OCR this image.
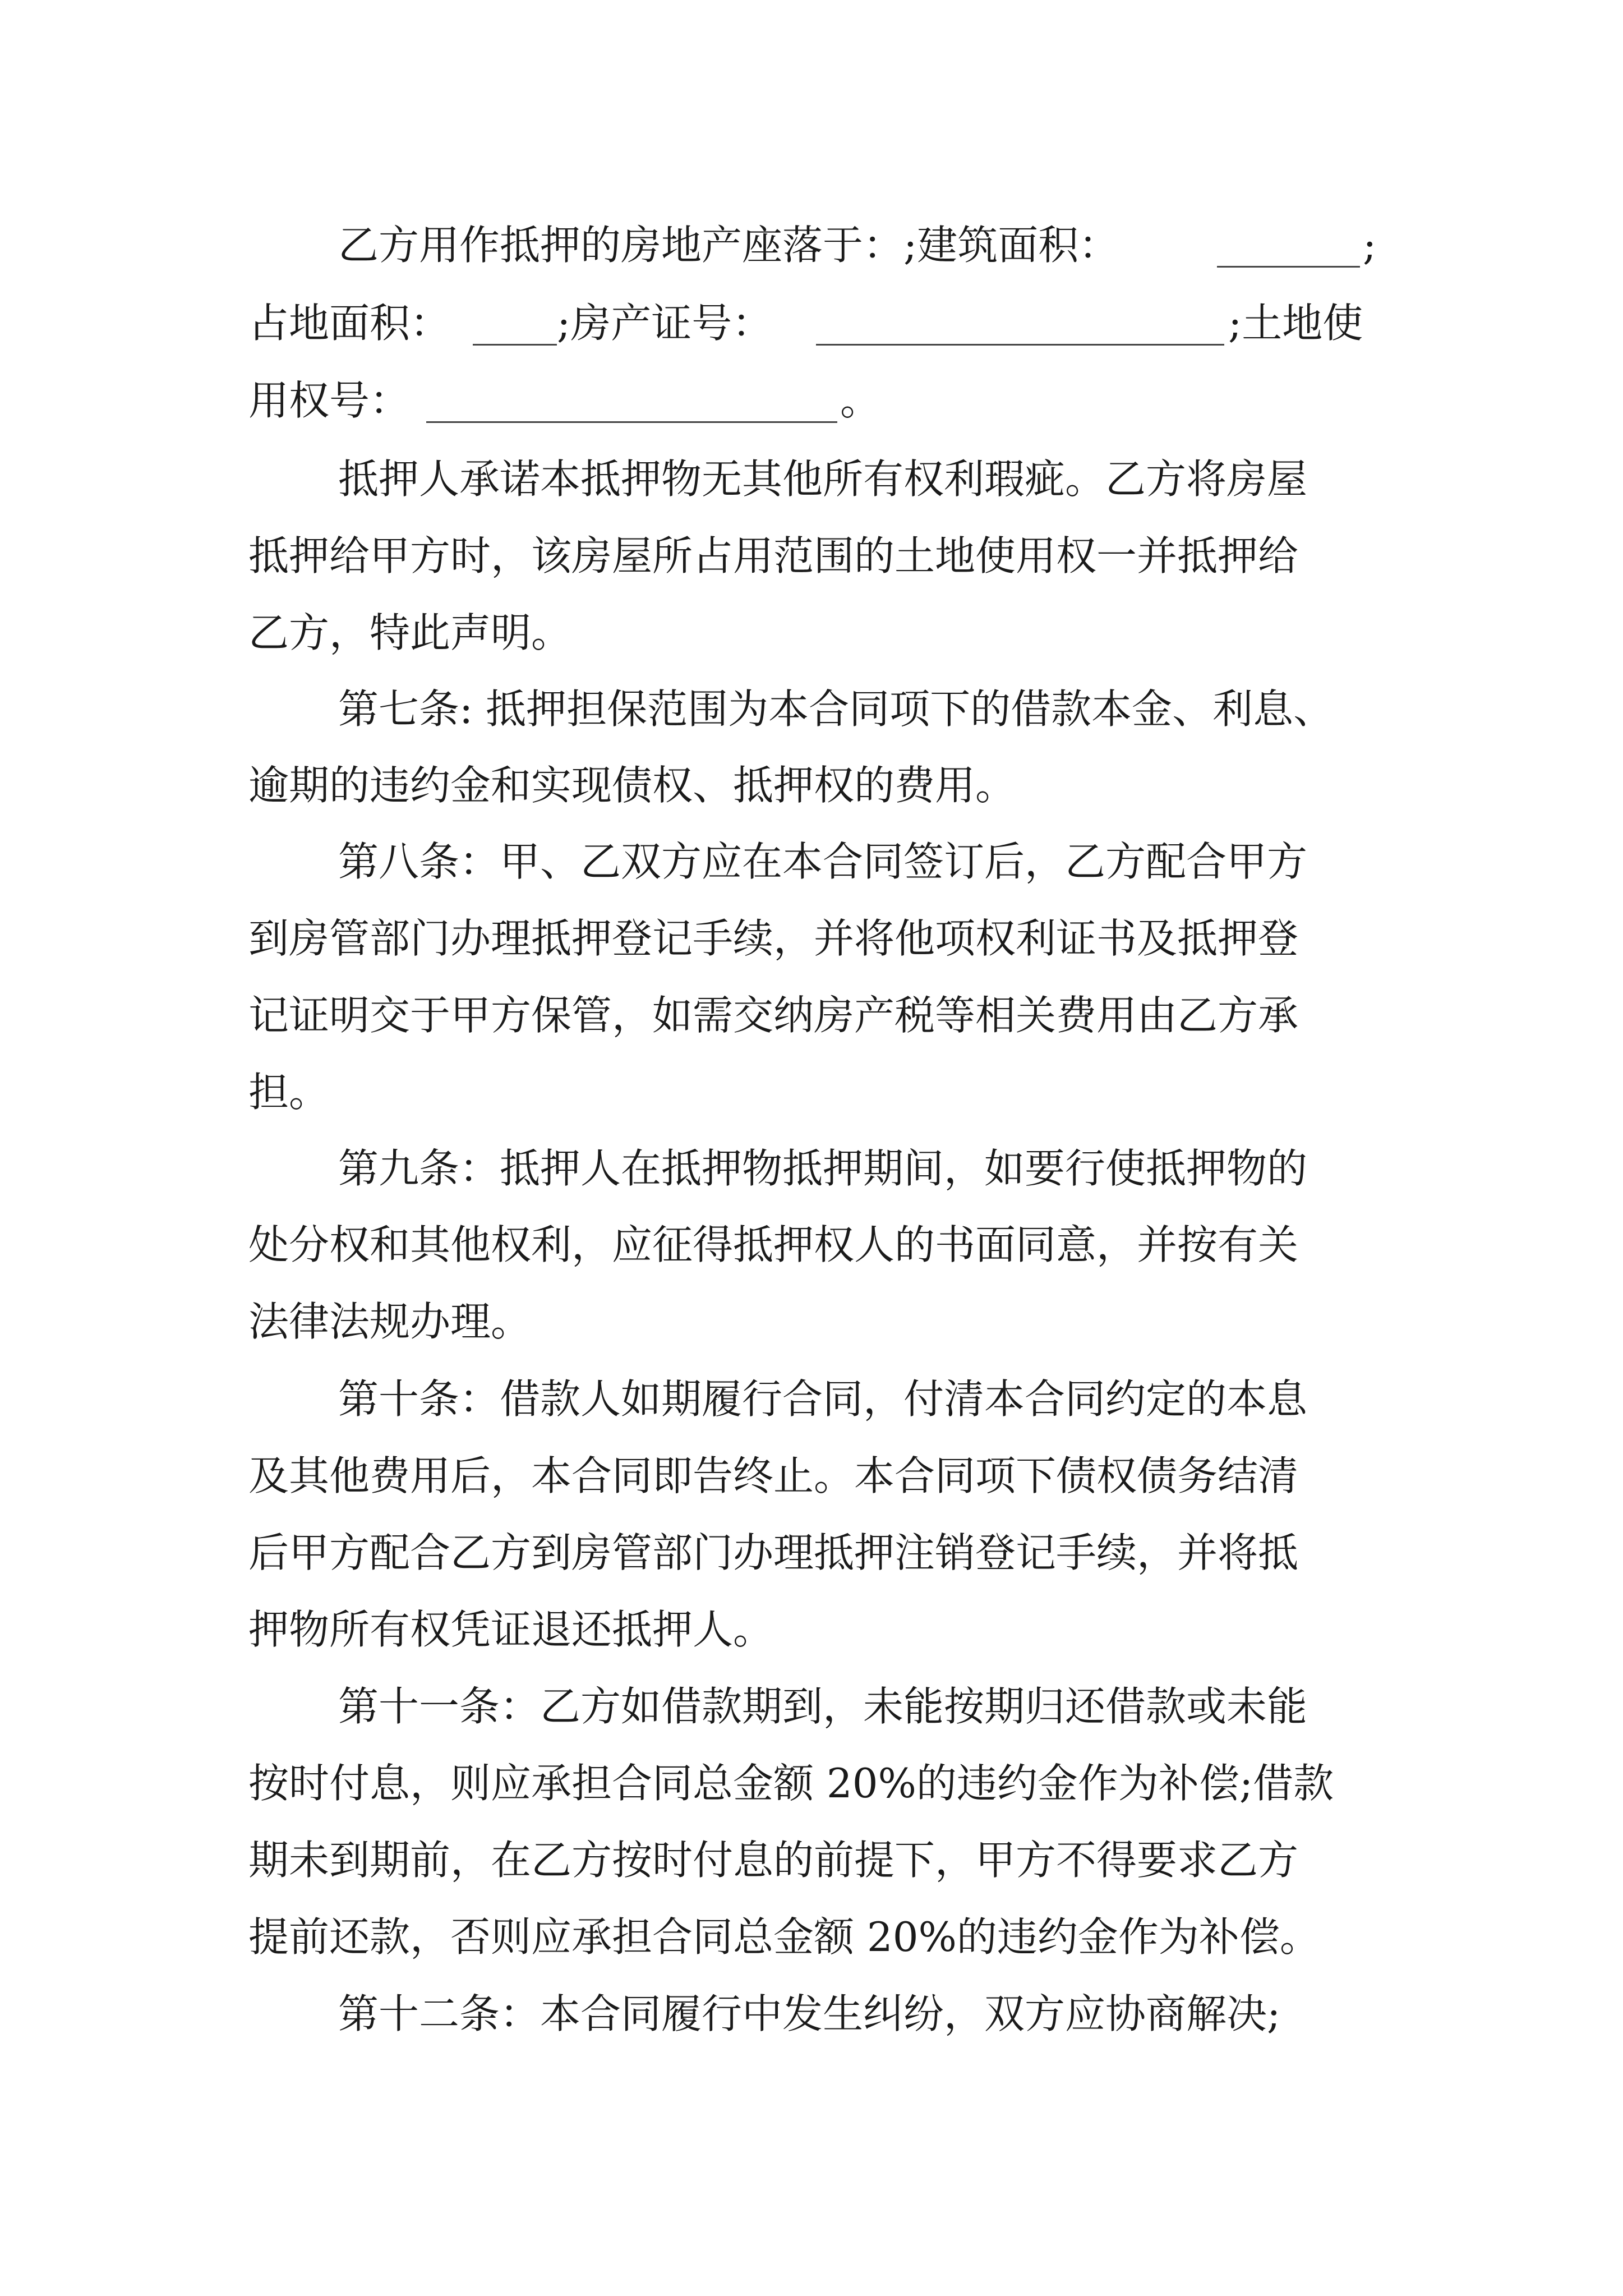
乙方用作抵押的房地产座落于：;建筑面积：

	;

占地面积：

	;房产证号：

	;土地使

用权号：

	。

抵押人承诺本抵押物无其他所有权利瑕疵。乙方将房屋
抵押给甲方时，该房屋所占用范围的土地使用权一并抵押给
乙方，特此声明。
第七条: 抵押担保范围为本合同项下的借款本金、利息、
逾期的违约金和实现债权、抵押权的费用。
第八条：甲、乙双方应在本合同签订后，乙方配合甲方
到房管部门办理抵押登记手续，并将他项权利证书及抵押登
记证明交于甲方保管，如需交纳房产税等相关费用由乙方承
担。
第九条：抵押人在抵押物抵押期间，如要行使抵押物的
处分权和其他权利，应征得抵押权人的书面同意，并按有关
法律法规办理。
第十条：借款人如期履行合同，付清本合同约定的本息
及其他费用后，本合同即告终止。本合同项下债权债务结清
后甲方配合乙方到房管部门办理抵押注销登记手续，并将抵
押物所有权凭证退还抵押人。
第十一条：乙方如借款期到，未能按期归还借款或未能
按时付息，则应承担合同总金额 20%的违约金作为补偿;借款
期未到期前，在乙方按时付息的前提下，甲方不得要求乙方
提前还款，否则应承担合同总金额 20%的违约金作为补偿。
第十二条：本合同履行中发生纠纷，双方应协商解决;
